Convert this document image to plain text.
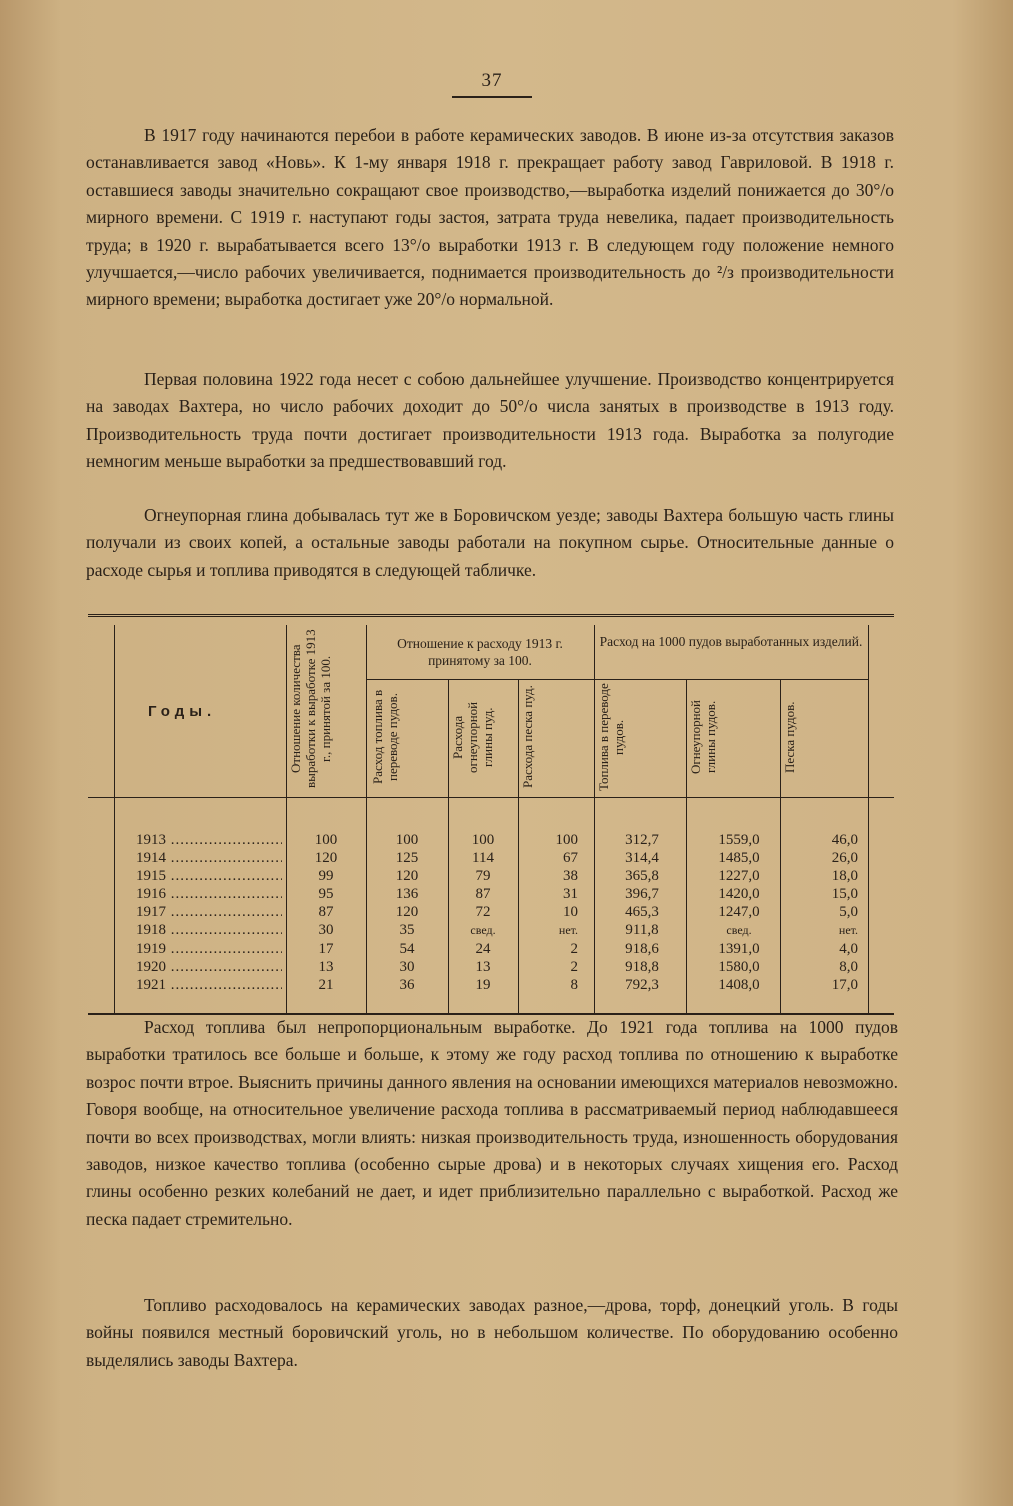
37

В 1917 году начинаются перебои в работе керамических заводов. В июне из-за отсутствия заказов останавливается завод «Новь». К 1-му января 1918 г. прекращает работу завод Гавриловой. В 1918 г. оставшиеся заводы значительно сокращают свое производство,—выработка изделий понижается до 30°/о мирного времени. С 1919 г. наступают годы застоя, затрата труда невелика, падает производительность труда; в 1920 г. вырабатывается всего 13°/о выработки 1913 г. В следующем году положение немного улучшается,—число рабочих увеличивается, поднимается производительность до ²/з производительности мирного времени; выработка достигает уже 20°/о нормальной.

Первая половина 1922 года несет с собою дальнейшее улучшение. Производство концентрируется на заводах Вахтера, но число рабочих доходит до 50°/о числа занятых в производстве в 1913 году. Производительность труда почти достигает производительности 1913 года. Выработка за полугодие немногим меньше выработки за предшествовавший год.

Огнеупорная глина добывалась тут же в Боровичском уезде; заводы Вахтера большую часть глины получали из своих копей, а остальные заводы работали на покупном сырье. Относительные данные о расходе сырья и топлива приводятся в следующей табличке.

Годы.	Отношение количества выработки к выработке 1913 г., принятой за 100.
Отношение к расходу 1913 г. принятому за 100.
Расход на 1000 пудов выработанных изделий.
Расход топлива в переводе пудов.	Расхода огнеупорной глины пуд.	Расхода песка пуд.	Топлива в переводе пудов.	Огнеупорной глины пудов.	Песка пудов.
1913 .....	100	100	100	100	312,7	1559,0	46,0
1914 .....	120	125	114	67	314,4	1485,0	26,0
1915 .....	99	120	79	38	365,8	1227,0	18,0
1916 .....	95	136	87	31	396,7	1420,0	15,0
1917 .....	87	120	72	10	465,3	1247,0	5,0
1918 .....	30	35	свед.	нет.	911,8	свед.	нет.
1919 .....	17	54	24	2	918,6	1391,0	4,0
1920 .....	13	30	13	2	918,8	1580,0	8,0
1921 .....	21	36	19	8	792,3	1408,0	17,0

Расход топлива был непропорциональным выработке. До 1921 года топлива на 1000 пудов выработки тратилось все больше и больше, к этому же году расход топлива по отношению к выработке возрос почти втрое. Выяснить причины данного явления на основании имеющихся материалов невозможно. Говоря вообще, на относительное увеличение расхода топлива в рассматриваемый период наблюдавшееся почти во всех производствах, могли влиять: низкая производительность труда, изношенность оборудования заводов, низкое качество топлива (особенно сырые дрова) и в некоторых случаях хищения его. Расход глины особенно резких колебаний не дает, и идет приблизительно параллельно с выработкой. Расход же песка падает стремительно.

Топливо расходовалось на керамических заводах разное,—дрова, торф, донецкий уголь. В годы войны появился местный боровичский уголь, но в небольшом количестве. По оборудованию особенно выделялись заводы Вахтера.
